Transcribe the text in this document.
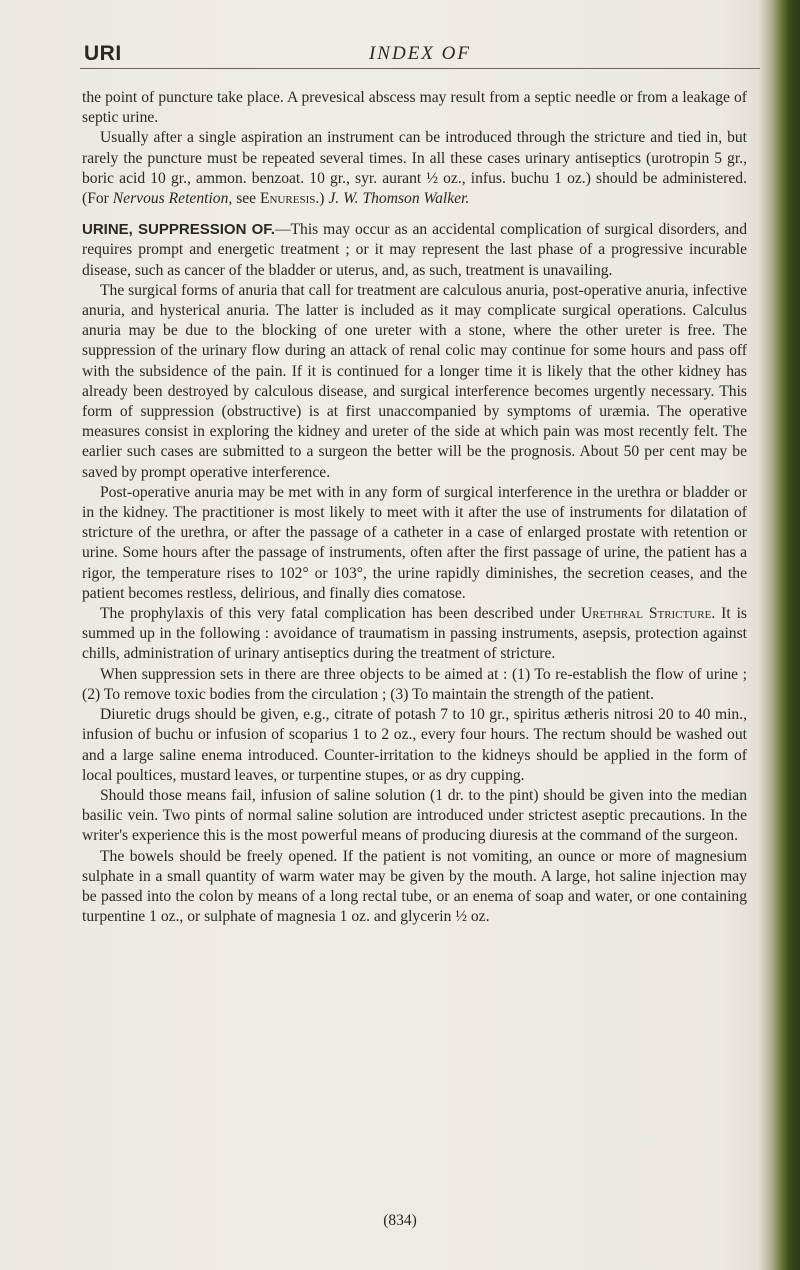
URI	INDEX OF

the point of puncture take place. A prevesical abscess may result from a septic needle or from a leakage of septic urine.

Usually after a single aspiration an instrument can be introduced through the stricture and tied in, but rarely the puncture must be repeated several times. In all these cases urinary antiseptics (urotropin 5 gr., boric acid 10 gr., ammon. benzoat. 10 gr., syr. aurant ½ oz., infus. buchu 1 oz.) should be administered. (For Nervous Retention, see Enuresis.) J. W. Thomson Walker.

URINE, SUPPRESSION OF.—This may occur as an accidental complication of surgical disorders, and requires prompt and energetic treatment ; or it may represent the last phase of a progressive incurable disease, such as cancer of the bladder or uterus, and, as such, treatment is unavailing.

The surgical forms of anuria that call for treatment are calculous anuria, post-operative anuria, infective anuria, and hysterical anuria. The latter is included as it may complicate surgical operations. Calculus anuria may be due to the blocking of one ureter with a stone, where the other ureter is free. The suppression of the urinary flow during an attack of renal colic may continue for some hours and pass off with the subsidence of the pain. If it is continued for a longer time it is likely that the other kidney has already been destroyed by calculous disease, and surgical interference becomes urgently necessary. This form of suppression (obstructive) is at first unaccompanied by symptoms of uræmia. The operative measures consist in exploring the kidney and ureter of the side at which pain was most recently felt. The earlier such cases are submitted to a surgeon the better will be the prognosis. About 50 per cent may be saved by prompt operative interference.

Post-operative anuria may be met with in any form of surgical interference in the urethra or bladder or in the kidney. The practitioner is most likely to meet with it after the use of instruments for dilatation of stricture of the urethra, or after the passage of a catheter in a case of enlarged prostate with retention or urine. Some hours after the passage of instruments, often after the first passage of urine, the patient has a rigor, the temperature rises to 102° or 103°, the urine rapidly diminishes, the secretion ceases, and the patient becomes restless, delirious, and finally dies comatose.

The prophylaxis of this very fatal complication has been described under Urethral Stricture. It is summed up in the following : avoidance of traumatism in passing instruments, asepsis, protection against chills, administration of urinary antiseptics during the treatment of stricture.

When suppression sets in there are three objects to be aimed at : (1) To re-establish the flow of urine ; (2) To remove toxic bodies from the circulation ; (3) To maintain the strength of the patient.

Diuretic drugs should be given, e.g., citrate of potash 7 to 10 gr., spiritus ætheris nitrosi 20 to 40 min., infusion of buchu or infusion of scoparius 1 to 2 oz., every four hours. The rectum should be washed out and a large saline enema introduced. Counter-irritation to the kidneys should be applied in the form of local poultices, mustard leaves, or turpentine stupes, or as dry cupping.

Should those means fail, infusion of saline solution (1 dr. to the pint) should be given into the median basilic vein. Two pints of normal saline solution are introduced under strictest aseptic precautions. In the writer's experience this is the most powerful means of producing diuresis at the command of the surgeon.

The bowels should be freely opened. If the patient is not vomiting, an ounce or more of magnesium sulphate in a small quantity of warm water may be given by the mouth. A large, hot saline injection may be passed into the colon by means of a long rectal tube, or an enema of soap and water, or one containing turpentine 1 oz., or sulphate of magnesia 1 oz. and glycerin ½ oz.

(834)
